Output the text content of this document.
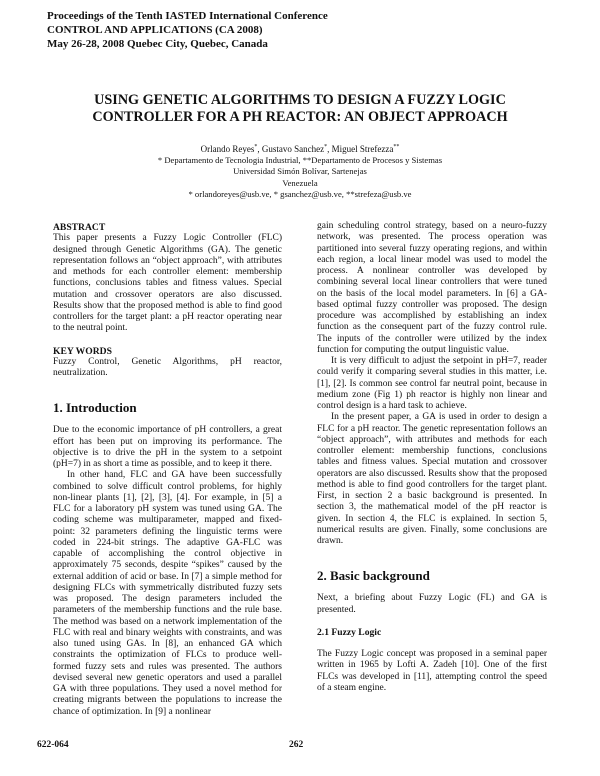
Proceedings of the Tenth IASTED International Conference
CONTROL AND APPLICATIONS (CA 2008)
May 26-28, 2008 Quebec City, Quebec, Canada
USING GENETIC ALGORITHMS TO DESIGN A FUZZY LOGIC
CONTROLLER FOR A PH REACTOR: AN OBJECT APPROACH
Orlando Reyes*, Gustavo Sanchez*, Miguel Strefezza**
* Departamento de Tecnologia Industrial, **Departamento de Procesos y Sistemas
Universidad Simón Bolívar, Sartenejas
Venezuela
* orlandoreyes@usb.ve, * gsanchez@usb.ve, **strefeza@usb.ve
ABSTRACT

This paper presents a Fuzzy Logic Controller (FLC) designed through Genetic Algorithms (GA). The genetic representation follows an “object approach”, with attributes and methods for each controller element: membership functions, conclusions tables and fitness values. Special mutation and crossover operators are also discussed. Results show that the proposed method is able to find good controllers for the target plant: a pH reactor operating near to the neutral point.

KEY WORDS

Fuzzy Control, Genetic Algorithms, pH reactor, neutralization.

1. Introduction

Due to the economic importance of pH controllers, a great effort has been put on improving its performance. The objective is to drive the pH in the system to a setpoint (pH=7) in as short a time as possible, and to keep it there.

In other hand, FLC and GA have been successfully combined to solve difficult control problems, for highly non-linear plants [1], [2], [3], [4]. For example, in [5] a FLC for a laboratory pH system was tuned using GA. The coding scheme was multiparameter, mapped and fixed-point: 32 parameters defining the linguistic terms were coded in 224-bit strings. The adaptive GA-FLC was capable of accomplishing the control objective in approximately 75 seconds, despite “spikes” caused by the external addition of acid or base. In [7] a simple method for designing FLCs with symmetrically distributed fuzzy sets was proposed. The design parameters included the parameters of the membership functions and the rule base. The method was based on a network implementation of the FLC with real and binary weights with constraints, and was also tuned using GAs. In [8], an enhanced GA which constraints the optimization of FLCs to produce well-formed fuzzy sets and rules was presented. The authors devised several new genetic operators and used a parallel GA with three populations. They used a novel method for creating migrants between the populations to increase the chance of optimization. In [9] a nonlinear

gain scheduling control strategy, based on a neuro-fuzzy network, was presented. The process operation was partitioned into several fuzzy operating regions, and within each region, a local linear model was used to model the process. A nonlinear controller was developed by combining several local linear controllers that were tuned on the basis of the local model parameters. In [6] a GA-based optimal fuzzy controller was proposed. The design procedure was accomplished by establishing an index function as the consequent part of the fuzzy control rule. The inputs of the controller were utilized by the index function for computing the output linguistic value.

It is very difficult to adjust the setpoint in pH=7, reader could verify it comparing several studies in this matter, i.e. [1], [2]. Is common see control far neutral point, because in medium zone (Fig 1) ph reactor is highly non linear and control design is a hard task to achieve.

In the present paper, a GA is used in order to design a FLC for a pH reactor. The genetic representation follows an “object approach”, with attributes and methods for each controller element: membership functions, conclusions tables and fitness values. Special mutation and crossover operators are also discussed. Results show that the proposed method is able to find good controllers for the target plant. First, in section 2 a basic background is presented. In section 3, the mathematical model of the pH reactor is given. In section 4, the FLC is explained. In section 5, numerical results are given. Finally, some conclusions are drawn.

2. Basic background

Next, a briefing about Fuzzy Logic (FL) and GA is presented.

2.1 Fuzzy Logic

The Fuzzy Logic concept was proposed in a seminal paper written in 1965 by Lofti A. Zadeh [10]. One of the first FLCs was developed in [11], attempting control the speed of a steam engine.

622-064	262
